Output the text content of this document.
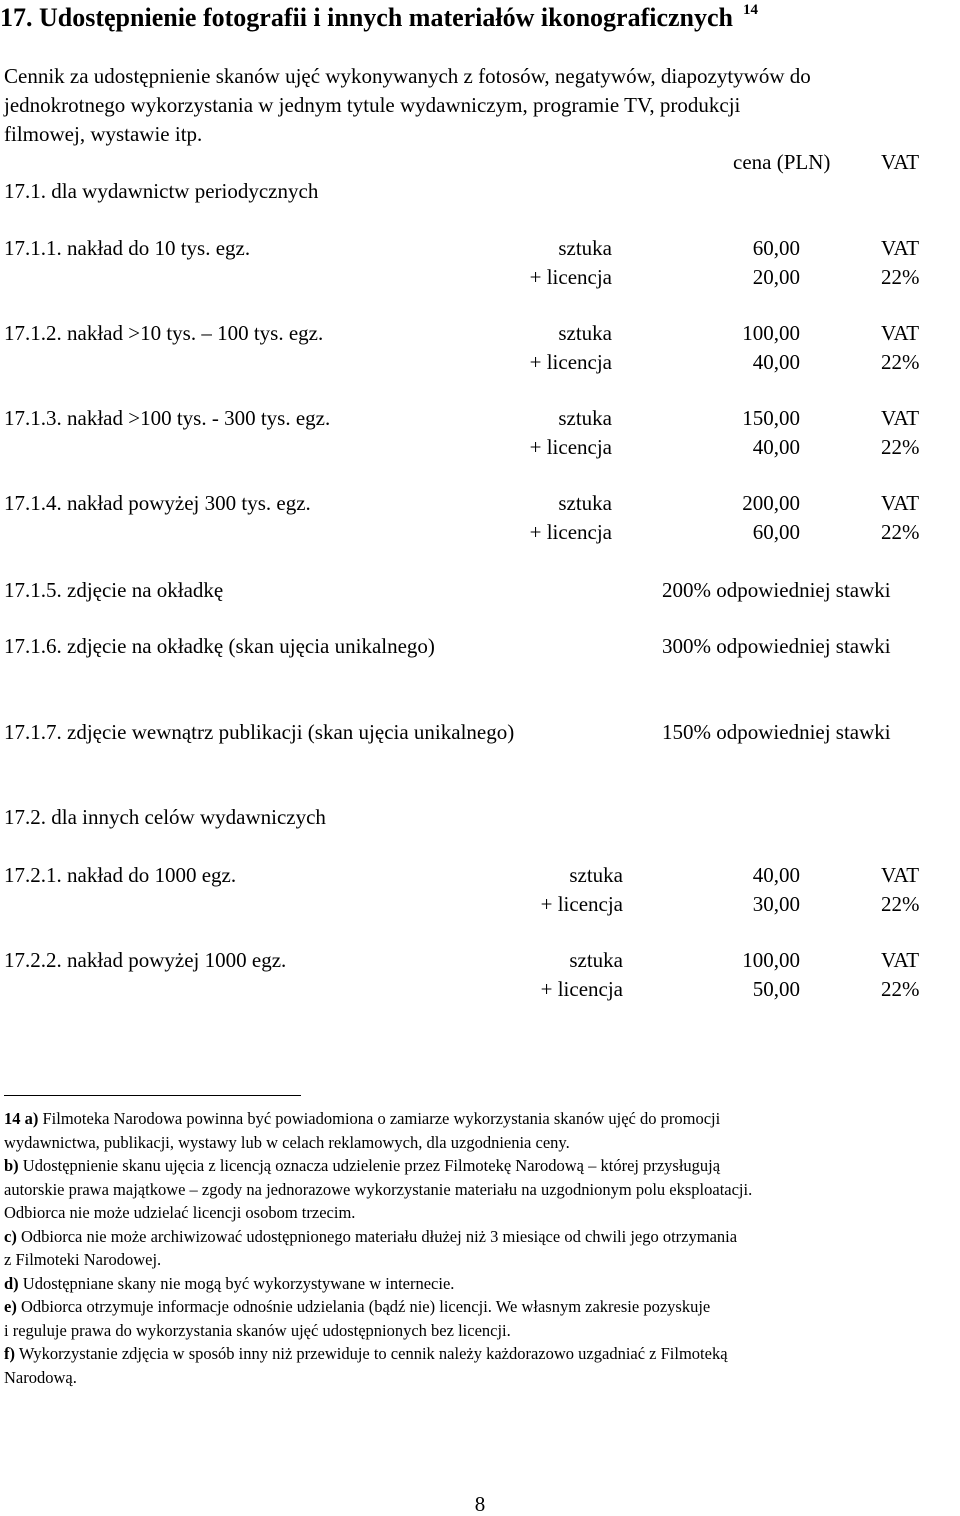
17. Udostępnienie fotografii i innych materiałów ikonograficznych $^{14}$
Cennik za udostępnienie skanów ujęć wykonywanych z fotosów, negatywów, diapozytywów do
jednokrotnego wykorzystania w jednym tytule wydawniczym, programie TV, produkcji
filmowej, wystawie itp.
cena (PLN) VAT
17.1. dla wydawnictw periodycznych
17.1.1. nakład do 10 tys. egz.	sztuka	60,00	VAT
+ licencja	20,00	22%
17.1.2. nakład >10 tys. – 100 tys. egz.	sztuka	100,00	VAT
+ licencja	40,00	22%
17.1.3. nakład >100 tys. - 300 tys. egz.	sztuka	150,00	VAT
+ licencja	40,00	22%
17.1.4. nakład powyżej 300 tys. egz.	sztuka	200,00	VAT
+ licencja	60,00	22%
17.1.5. zdjęcie na okładkę	200% odpowiedniej stawki
17.1.6. zdjęcie na okładkę (skan ujęcia unikalnego)	300% odpowiedniej stawki
17.1.7. zdjęcie wewnątrz publikacji (skan ujęcia unikalnego)	150% odpowiedniej stawki
17.2. dla innych celów wydawniczych
17.2.1. nakład do 1000 egz.	sztuka	40,00	VAT
+ licencja	30,00	22%
17.2.2. nakład powyżej 1000 egz.	sztuka	100,00	VAT
+ licencja	50,00	22%
14 a) Filmoteka Narodowa powinna być powiadomiona o zamiarze wykorzystania skanów ujęć do promocji
wydawnictwa, publikacji, wystawy lub w celach reklamowych, dla uzgodnienia ceny.
b) Udostępnienie skanu ujęcia z licencją oznacza udzielenie przez Filmotekę Narodową – której przysługują
autorskie prawa majątkowe – zgody na jednorazowe wykorzystanie materiału na uzgodnionym polu eksploatacji.
Odbiorca nie może udzielać licencji osobom trzecim.
c) Odbiorca nie może archiwizować udostępnionego materiału dłużej niż 3 miesiące od chwili jego otrzymania
z Filmoteki Narodowej.
d) Udostępniane skany nie mogą być wykorzystywane w internecie.
e) Odbiorca otrzymuje informacje odnośnie udzielania (bądź nie) licencji. We własnym zakresie pozyskuje
i reguluje prawa do wykorzystania skanów ujęć udostępnionych bez licencji.
f) Wykorzystanie zdjęcia w sposób inny niż przewiduje to cennik należy każdorazowo uzgadniać z Filmoteką
Narodową.
8
